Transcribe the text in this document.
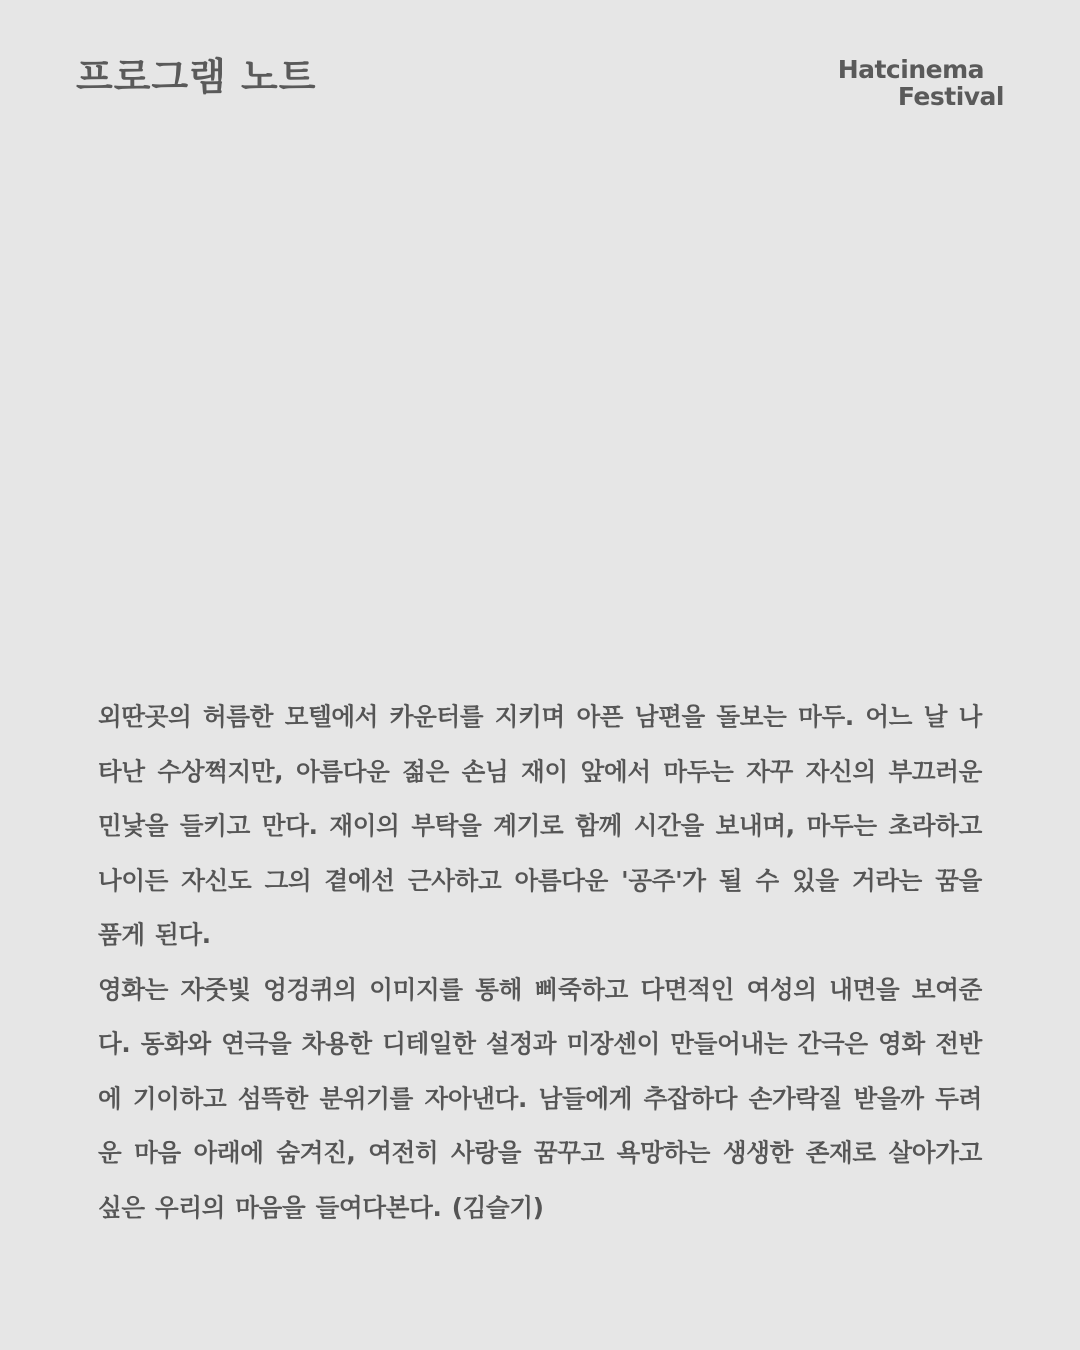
프로그램 노트	Hatcinema
Festival

외딴곳의 허름한 모텔에서 카운터를 지키며 아픈 남편을 돌보는 마두. 어느 날 나타난 수상쩍지만, 아름다운 젊은 손님 재이 앞에서 마두는 자꾸 자신의 부끄러운 민낯을 들키고 만다. 재이의 부탁을 계기로 함께 시간을 보내며, 마두는 초라하고 나이든 자신도 그의 곁에선 근사하고 아름다운 '공주'가 될 수 있을 거라는 꿈을 품게 된다.

영화는 자줏빛 엉겅퀴의 이미지를 통해 삐죽하고 다면적인 여성의 내면을 보여준다. 동화와 연극을 차용한 디테일한 설정과 미장센이 만들어내는 간극은 영화 전반에 기이하고 섬뜩한 분위기를 자아낸다. 남들에게 추잡하다 손가락질 받을까 두려운 마음 아래에 숨겨진, 여전히 사랑을 꿈꾸고 욕망하는 생생한 존재로 살아가고 싶은 우리의 마음을 들여다본다. (김슬기)
